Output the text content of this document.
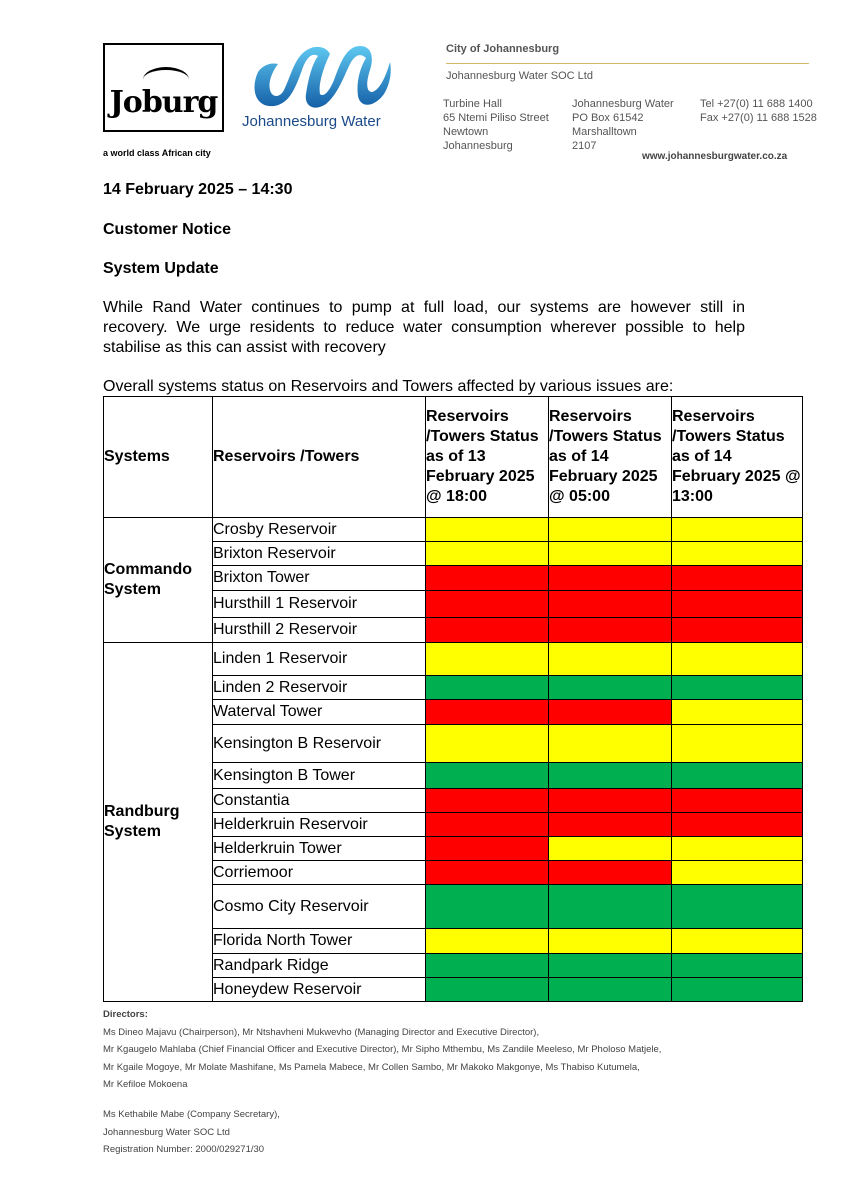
Joburg
a world class African city
Johannesburg Water
City of Johannesburg
Johannesburg Water SOC Ltd
Turbine Hall
65 Ntemi Piliso Street
Newtown
Johannesburg
Johannesburg Water
PO Box 61542
Marshalltown
2107
Tel +27(0) 11 688 1400
Fax +27(0) 11 688 1528
www.johannesburgwater.co.za
14 February 2025 – 14:30
Customer Notice
System Update
While Rand Water continues to pump at full load, our systems are however still in recovery. We urge residents to reduce water consumption wherever possible to help stabilise as this can assist with recovery
Overall systems status on Reservoirs and Towers affected by various issues are:
Systems	Reservoirs /Towers	Reservoirs /Towers Status as of 13 February 2025 @ 18:00	Reservoirs /Towers Status as of 14 February 2025 @ 05:00	Reservoirs /Towers Status as of 14 February 2025 @ 13:00
Commando System	Crosby Reservoir			
	Brixton Reservoir			
	Brixton Tower			
	Hursthill 1 Reservoir			
	Hursthill 2 Reservoir			
Randburg System	Linden 1 Reservoir			
	Linden 2 Reservoir			
	Waterval Tower			
	Kensington B Reservoir			
	Kensington B Tower			
	Constantia			
	Helderkruin Reservoir			
	Helderkruin Tower			
	Corriemoor			
	Cosmo City Reservoir			
	Florida North Tower			
	Randpark Ridge			
	Honeydew Reservoir			
Directors:
Ms Dineo Majavu (Chairperson), Mr Ntshavheni Mukwevho (Managing Director and Executive Director),
Mr Kgaugelo Mahlaba (Chief Financial Officer and Executive Director), Mr Sipho Mthembu, Ms Zandile Meeleso, Mr Pholoso Matjele,
Mr Kgaile Mogoye, Mr Molate Mashifane, Ms Pamela Mabece, Mr Collen Sambo, Mr Makoko Makgonye, Ms Thabiso Kutumela,
Mr Kefiloe Mokoena
Ms Kethabile Mabe (Company Secretary),
Johannesburg Water SOC Ltd
Registration Number: 2000/029271/30
